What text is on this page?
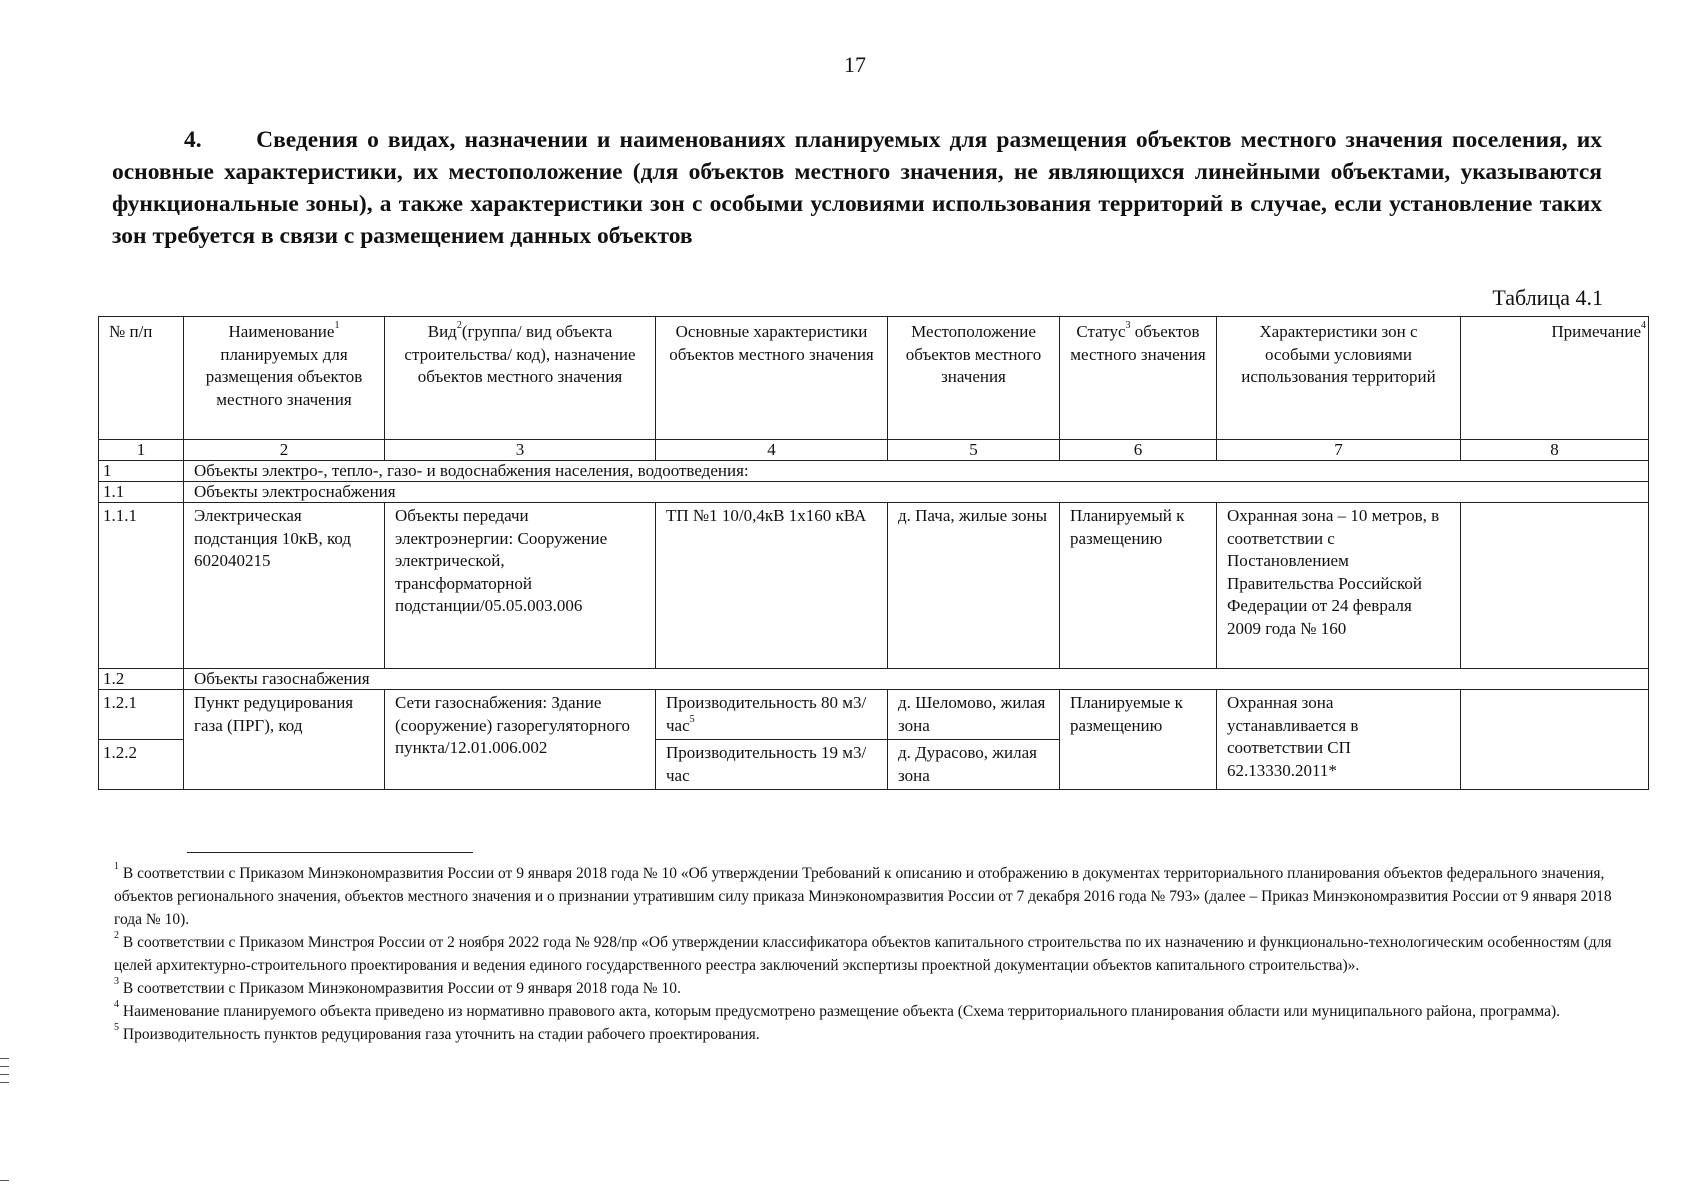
17
4. Сведения о видах, назначении и наименованиях планируемых для размещения объектов местного значения поселения, их основные характеристики, их местоположение (для объектов местного значения, не являющихся линейными объектами, указываются функциональные зоны), а также характеристики зон с особыми условиями использования территорий в случае, если установление таких зон требуется в связи с размещением данных объектов
Таблица 4.1
№ п/п	Наименование$^1$ планируемых для размещения объектов местного значения	Вид$^2$(группа/ вид объекта строительства/ код), назначение объектов местного значения	Основные характеристики объектов местного значения	Местоположение объектов местного значения	Статус$^3$ объектов местного значения	Характеристики зон с особыми условиями использования территорий	Примечание$^4$
1	2	3	4	5	6	7	8
1	Объекты электро-, тепло-, газо- и водоснабжения населения, водоотведения:						
1.1	Объекты электроснабжения						
1.1.1	Электрическая подстанция 10кВ, код 602040215	Объекты передачи электроэнергии: Сооружение электрической, трансформаторной подстанции/05.05.003.006	ТП №1 10/0,4кВ 1х160 кВА	д. Пача, жилые зоны	Планируемый к размещению	Охранная зона – 10 метров, в соответствии с Постановлением Правительства Российской Федерации от 24 февраля 2009 года № 160	
1.2	Объекты газоснабжения						
1.2.1	Пункт редуцирования газа (ПРГ), код	Сети газоснабжения: Здание (сооружение) газорегуляторного пункта/12.01.006.002	Производительность 80 м3/час$^5$	д. Шеломово, жилая зона	Планируемые к размещению	Охранная зона устанавливается в соответствии СП 62.13330.2011*	
1.2.2			Производительность 19 м3/час	д. Дурасово, жилая зона			

$^1$ В соответствии с Приказом Минэкономразвития России от 9 января 2018 года № 10 «Об утверждении Требований к описанию и отображению в документах территориального планирования объектов федерального значения, объектов регионального значения, объектов местного значения и о признании утратившим силу приказа Минэкономразвития России от 7 декабря 2016 года № 793» (далее – Приказ Минэкономразвития России от 9 января 2018 года № 10).

$^2$ В соответствии с Приказом Минстроя России от 2 ноября 2022 года № 928/пр «Об утверждении классификатора объектов капитального строительства по их назначению и функционально-технологическим особенностям (для целей архитектурно-строительного проектирования и ведения единого государственного реестра заключений экспертизы проектной документации объектов капитального строительства)».

$^3$ В соответствии с Приказом Минэкономразвития России от 9 января 2018 года № 10.

$^4$ Наименование планируемого объекта приведено из нормативно правового акта, которым предусмотрено размещение объекта (Схема территориального планирования области или муниципального района, программа).

$^5$ Производительность пунктов редуцирования газа уточнить на стадии рабочего проектирования.
